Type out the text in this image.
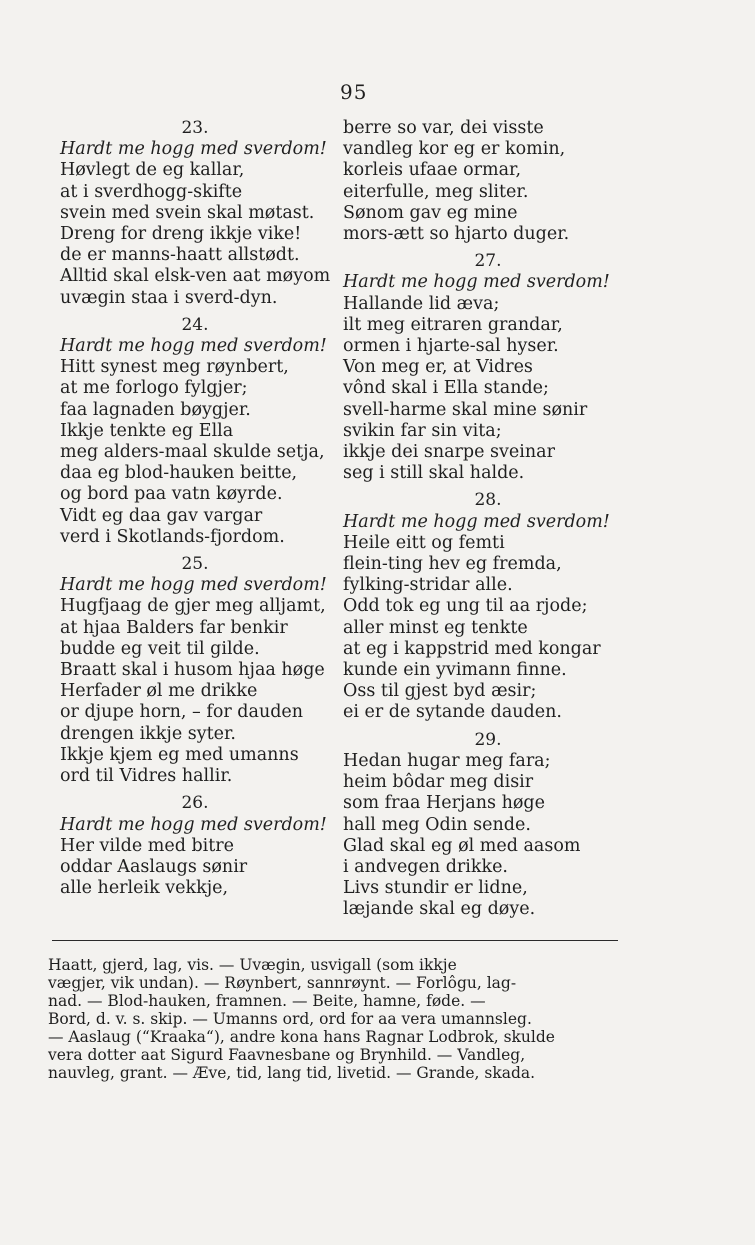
95
23.
Hardt me hogg med sverdom!
Høvlegt de eg kallar,
at i sverdhogg-skifte
svein med svein skal møtast.
Dreng for dreng ikkje vike!
de er manns-haatt allstødt.
Alltid skal elsk-ven aat møyom
uvægin staa i sverd-dyn.
24.
Hardt me hogg med sverdom!
Hitt synest meg røynbert,
at me forlogo fylgjer;
faa lagnaden bøygjer.
Ikkje tenkte eg Ella
meg alders-maal skulde setja,
daa eg blod-hauken beitte,
og bord paa vatn køyrde.
Vidt eg daa gav vargar
verd i Skotlands-fjordom.
25.
Hardt me hogg med sverdom!
Hugfjaag de gjer meg alljamt,
at hjaa Balders far benkir
budde eg veit til gilde.
Braatt skal i husom hjaa høge
Herfader øl me drikke
or djupe horn, – for dauden
drengen ikkje syter.
Ikkje kjem eg med umanns
ord til Vidres hallir.
26.
Hardt me hogg med sverdom!
Her vilde med bitre
oddar Aaslaugs sønir
alle herleik vekkje,
berre so var, dei visste
vandleg kor eg er komin,
korleis ufaae ormar,
eiterfulle, meg sliter.
Sønom gav eg mine
mors-ætt so hjarto duger.
27.
Hardt me hogg med sverdom!
Hallande lid æva;
ilt meg eitraren grandar,
ormen i hjarte-sal hyser.
Von meg er, at Vidres
vônd skal i Ella stande;
svell-harme skal mine sønir
svikin far sin vita;
ikkje dei snarpe sveinar
seg i still skal halde.
28.
Hardt me hogg med sverdom!
Heile eitt og femti
flein-ting hev eg fremda,
fylking-stridar alle.
Odd tok eg ung til aa rjode;
aller minst eg tenkte
at eg i kappstrid med kongar
kunde ein yvimann finne.
Oss til gjest byd æsir;
ei er de sytande dauden.
29.
Hedan hugar meg fara;
heim bôdar meg disir
som fraa Herjans høge
hall meg Odin sende.
Glad skal eg øl med aasom
i andvegen drikke.
Livs stundir er lidne,
læjande skal eg døye.
Haatt, gjerd, lag, vis. — Uvægin, usvigall (som ikkje
vægjer, vik undan). — Røynbert, sannrøynt. — Forlôgu, lag-
nad. — Blod-hauken, framnen. — Beite, hamne, føde. —
Bord, d. v. s. skip. — Umanns ord, ord for aa vera umannsleg.
— Aaslaug (“Kraaka“), andre kona hans Ragnar Lodbrok, skulde
vera dotter aat Sigurd Faavnesbane og Brynhild. — Vandleg,
nauvleg, grant. — Æve, tid, lang tid, livetid. — Grande, skada.
